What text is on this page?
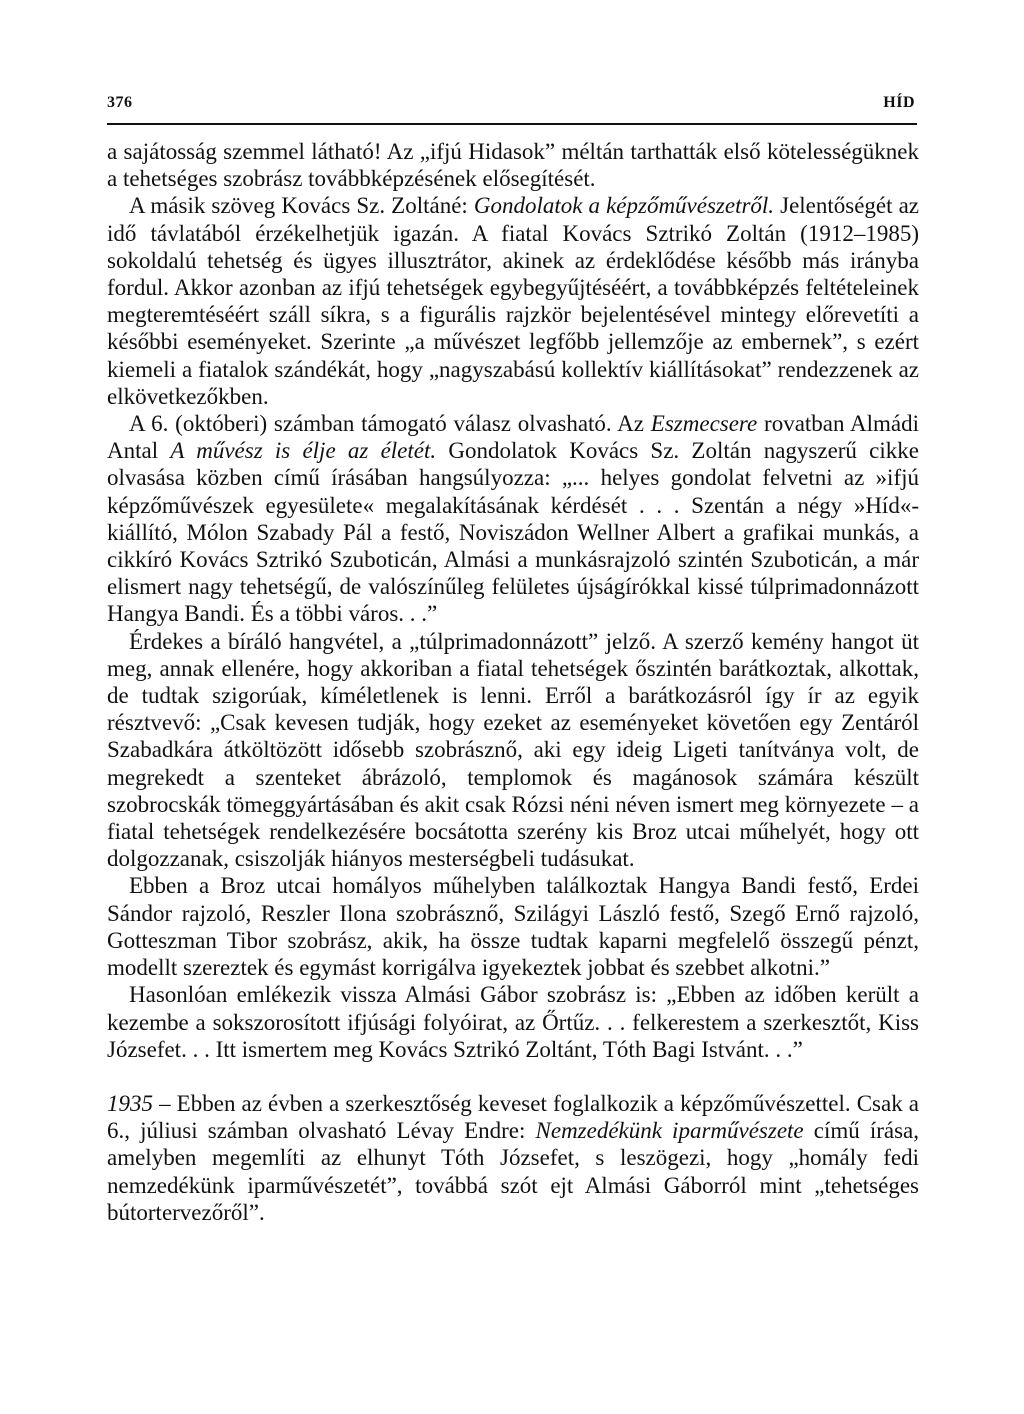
376	HÍD

a sajátosság szemmel látható! Az „ifjú Hidasok” méltán tarthatták első kötelességüknek a tehetséges szobrász továbbképzésének elősegítését.

A másik szöveg Kovács Sz. Zoltáné: Gondolatok a képzőművészetről. Jelentőségét az idő távlatából érzékelhetjük igazán. A fiatal Kovács Sztrikó Zoltán (1912–1985) sokoldalú tehetség és ügyes illusztrátor, akinek az érdeklődése később más irányba fordul. Akkor azonban az ifjú tehetségek egybegyűjtéséért, a továbbképzés feltételeinek megteremtéséért száll síkra, s a figurális rajzkör bejelentésével mintegy előrevetíti a későbbi eseményeket. Szerinte „a művészet legfőbb jellemzője az embernek”, s ezért kiemeli a fiatalok szándékát, hogy „nagyszabású kollektív kiállításokat” rendezzenek az elkövetkezőkben.

A 6. (októberi) számban támogató válasz olvasható. Az Eszmecsere rovatban Almádi Antal A művész is élje az életét. Gondolatok Kovács Sz. Zoltán nagyszerű cikke olvasása közben című írásában hangsúlyozza: „... helyes gondolat felvetni az »ifjú képzőművészek egyesülete« megalakításának kérdését . . . Szentán a négy »Híd«-kiállító, Mólon Szabady Pál a festő, Noviszádon Wellner Albert a grafikai munkás, a cikkíró Kovács Sztrikó Szuboticán, Almási a munkásrajzoló szintén Szuboticán, a már elismert nagy tehetségű, de valószínűleg felületes újságírókkal kissé túlprimadonnázott Hangya Bandi. És a többi város. . .”

Érdekes a bíráló hangvétel, a „túlprimadonnázott” jelző. A szerző kemény hangot üt meg, annak ellenére, hogy akkoriban a fiatal tehetségek őszintén barátkoztak, alkottak, de tudtak szigorúak, kíméletlenek is lenni. Erről a barátkozásról így ír az egyik résztvevő: „Csak kevesen tudják, hogy ezeket az eseményeket követően egy Zentáról Szabadkára átköltözött idősebb szobrásznő, aki egy ideig Ligeti tanítványa volt, de megrekedt a szenteket ábrázoló, templomok és magánosok számára készült szobrocskák tömeggyártásában és akit csak Rózsi néni néven ismert meg környezete – a fiatal tehetségek rendelkezésére bocsátotta szerény kis Broz utcai műhelyét, hogy ott dolgozzanak, csiszolják hiányos mesterségbeli tudásukat.

Ebben a Broz utcai homályos műhelyben találkoztak Hangya Bandi festő, Erdei Sándor rajzoló, Reszler Ilona szobrásznő, Szilágyi László festő, Szegő Ernő rajzoló, Gotteszman Tibor szobrász, akik, ha össze tudtak kaparni megfelelő összegű pénzt, modellt szereztek és egymást korrigálva igyekeztek jobbat és szebbet alkotni.”

Hasonlóan emlékezik vissza Almási Gábor szobrász is: „Ebben az időben került a kezembe a sokszorosított ifjúsági folyóirat, az Őrtűz. . . felkerestem a szerkesztőt, Kiss Józsefet. . . Itt ismertem meg Kovács Sztrikó Zoltánt, Tóth Bagi Istvánt. . .”

1935 – Ebben az évben a szerkesztőség keveset foglalkozik a képzőművészettel. Csak a 6., júliusi számban olvasható Lévay Endre: Nemzedékünk iparművészete című írása, amelyben megemlíti az elhunyt Tóth Józsefet, s leszögezi, hogy „homály fedi nemzedékünk iparművészetét”, továbbá szót ejt Almási Gáborról mint „tehetséges bútortervezőről”.
